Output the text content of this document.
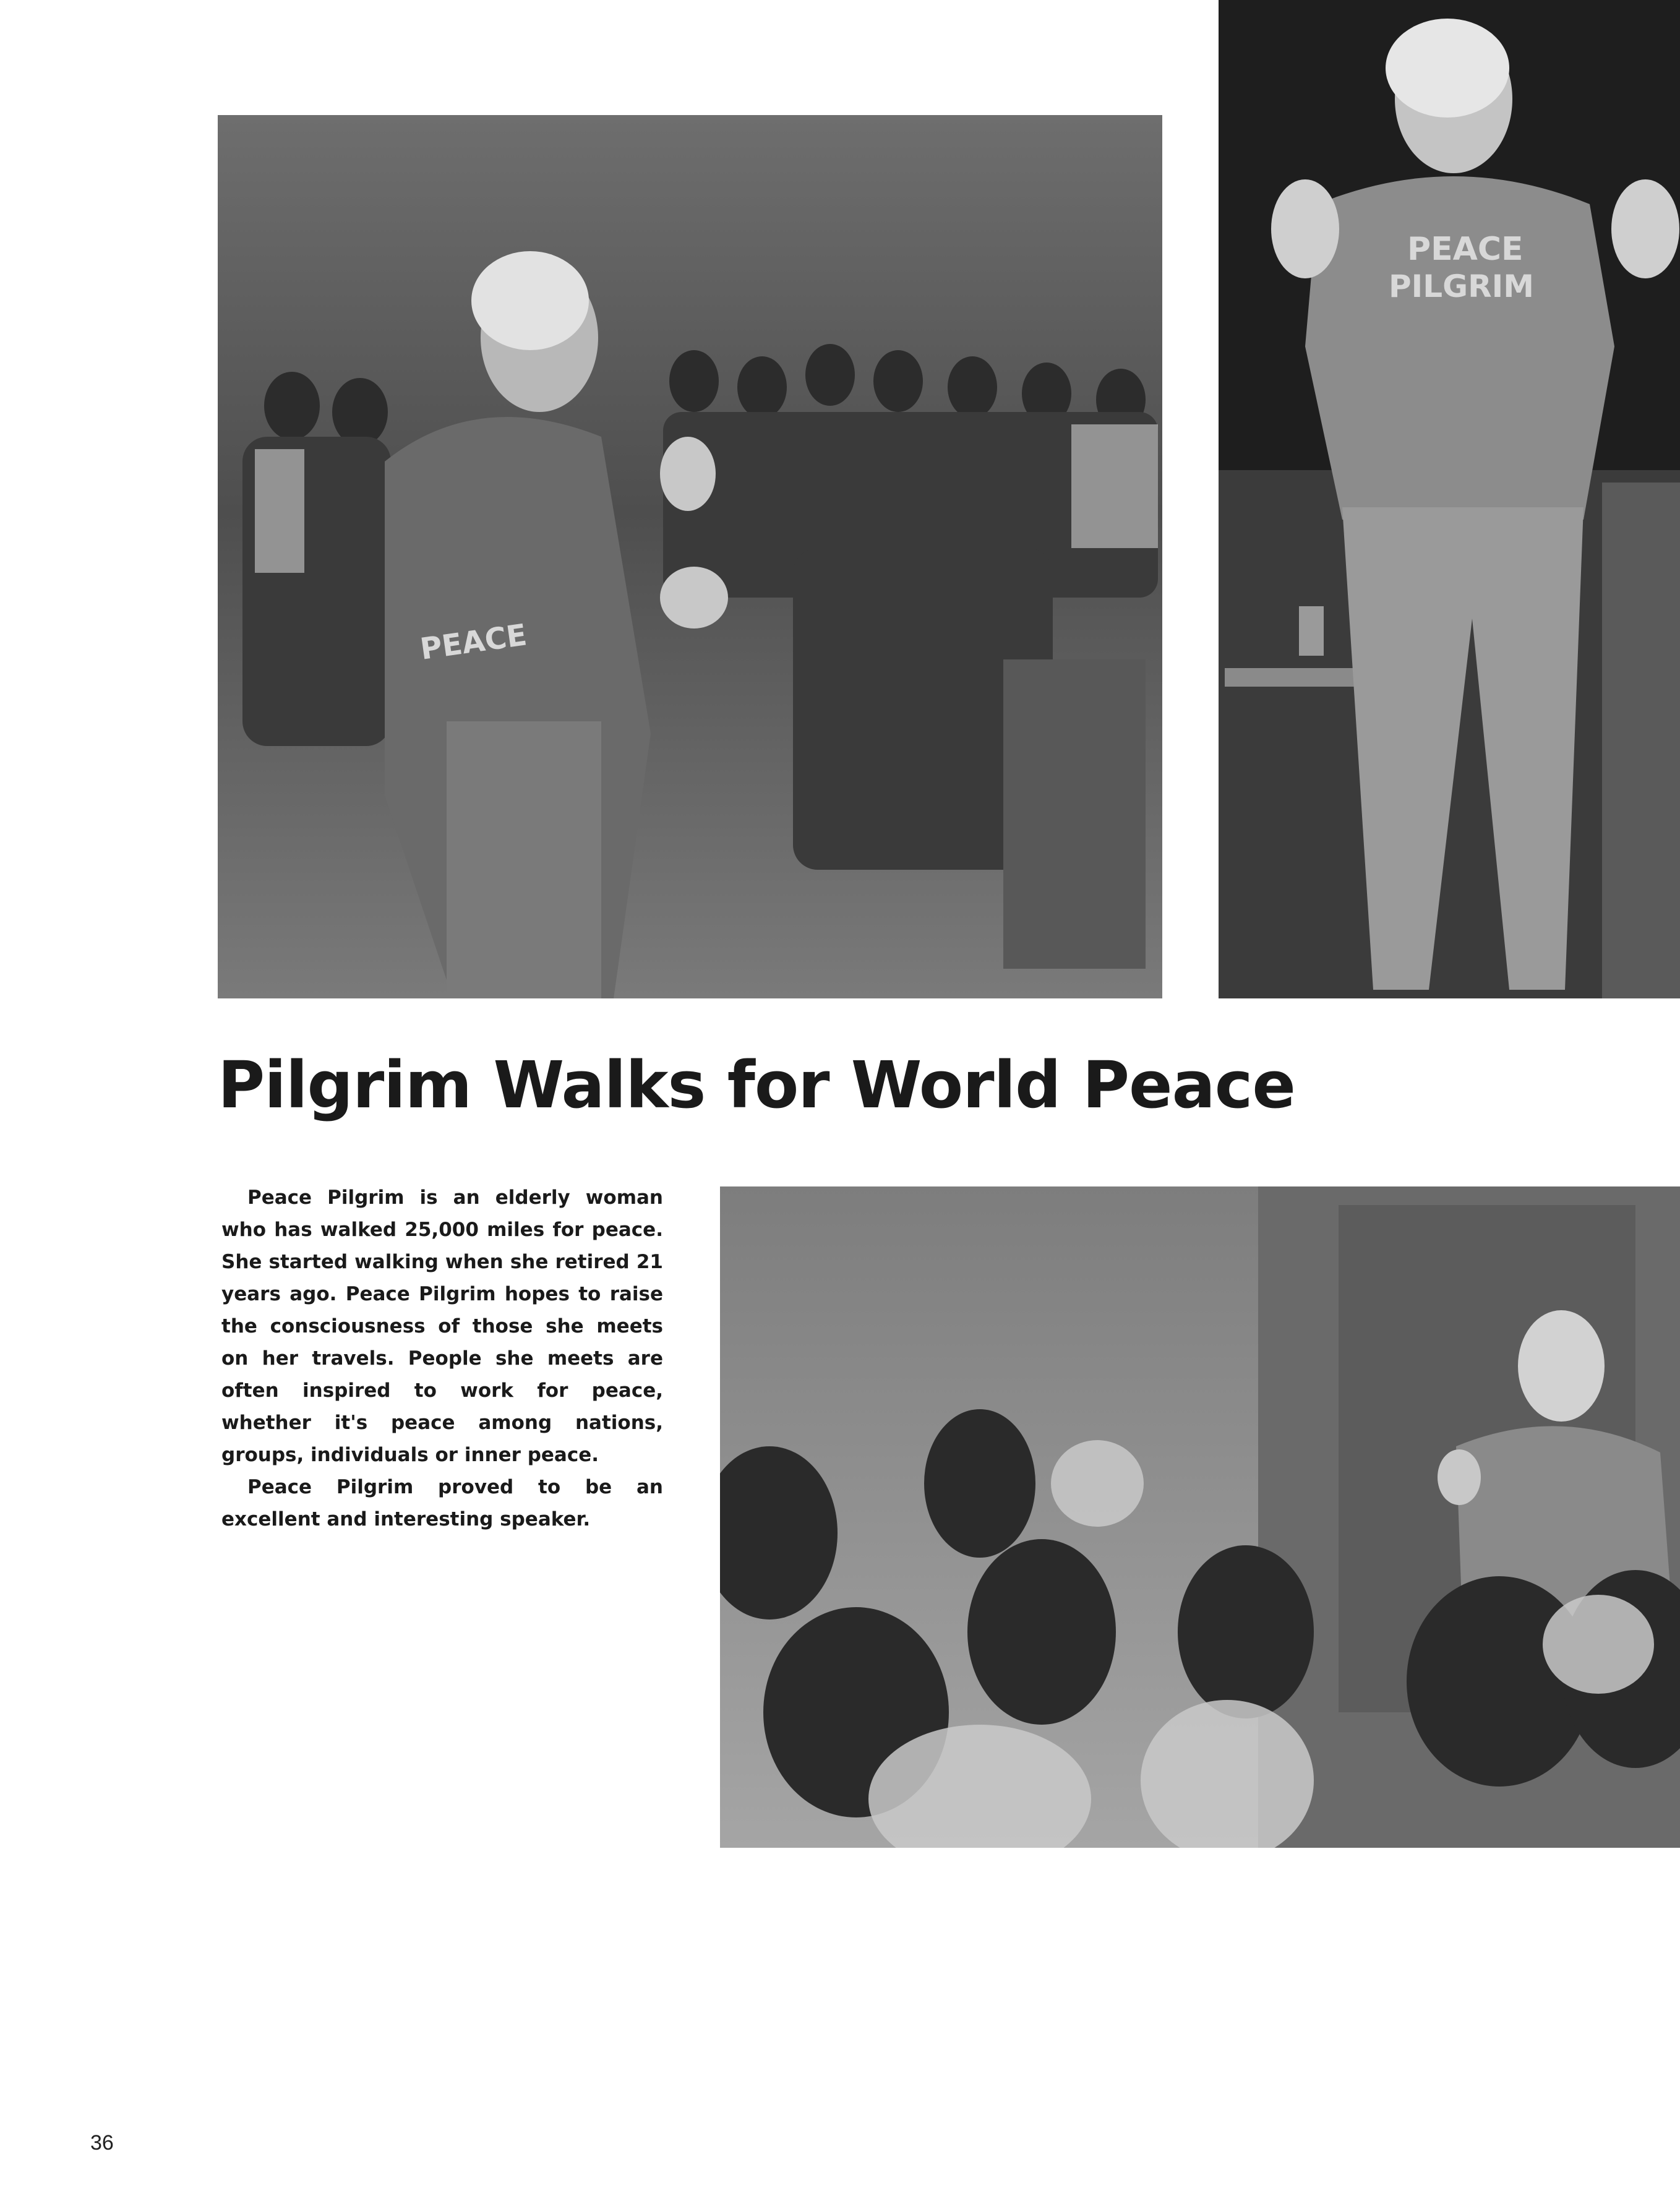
PEACE
PEACE
PILGRIM
Pilgrim Walks for World Peace

Peace Pilgrim is an elderly woman who has walked 25,000 miles for peace. She started walking when she retired 21 years ago. Peace Pilgrim hopes to raise the consciousness of those she meets on her travels. People she meets are often inspired to work for peace, whether it's peace among nations, groups, individuals or inner peace.

Peace Pilgrim proved to be an excellent and interesting speaker.

36
